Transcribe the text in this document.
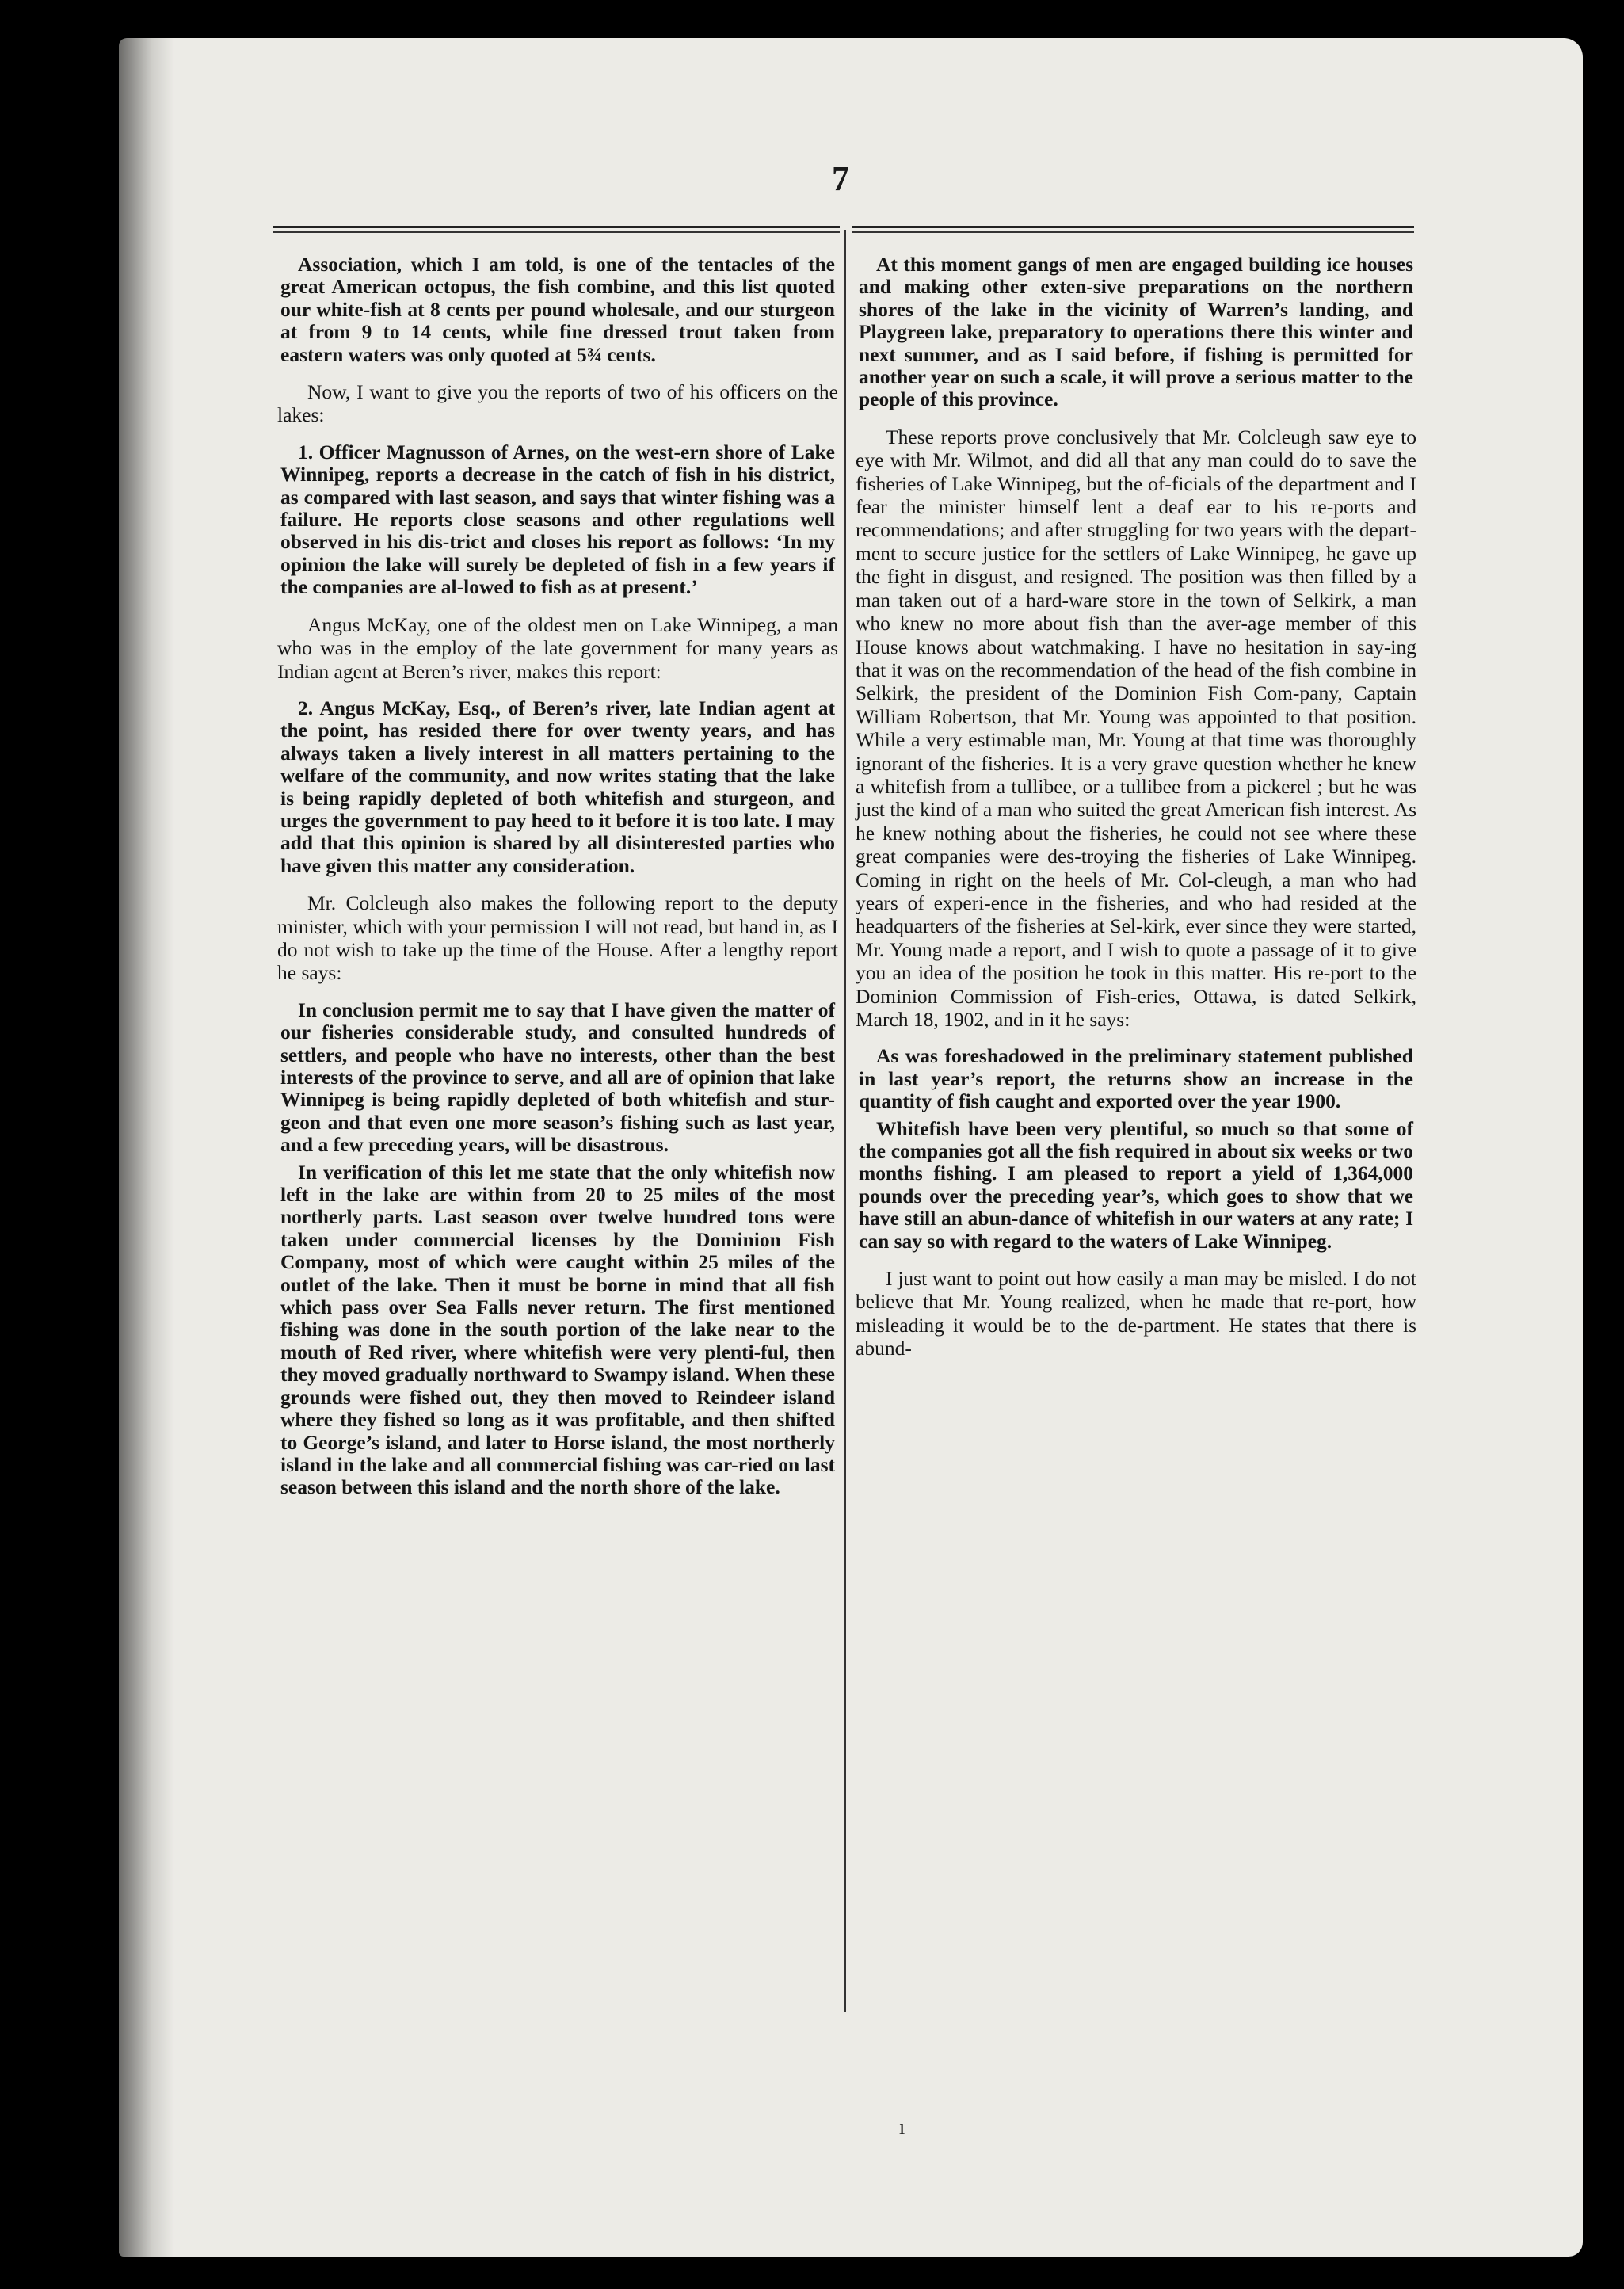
7

Association, which I am told, is one of the tentacles of the great American octopus, the fish combine, and this list quoted our white-fish at 8 cents per pound wholesale, and our sturgeon at from 9 to 14 cents, while fine dressed trout taken from eastern waters was only quoted at 5¾ cents.

Now, I want to give you the reports of two of his officers on the lakes:

1. Officer Magnusson of Arnes, on the west-ern shore of Lake Winnipeg, reports a decrease in the catch of fish in his district, as compared with last season, and says that winter fishing was a failure. He reports close seasons and other regulations well observed in his dis-trict and closes his report as follows: ‘In my opinion the lake will surely be depleted of fish in a few years if the companies are al-lowed to fish as at present.’

Angus McKay, one of the oldest men on Lake Winnipeg, a man who was in the employ of the late government for many years as Indian agent at Beren’s river, makes this report:

2. Angus McKay, Esq., of Beren’s river, late Indian agent at the point, has resided there for over twenty years, and has always taken a lively interest in all matters pertaining to the welfare of the community, and now writes stating that the lake is being rapidly depleted of both whitefish and sturgeon, and urges the government to pay heed to it before it is too late. I may add that this opinion is shared by all disinterested parties who have given this matter any consideration.

Mr. Colcleugh also makes the following report to the deputy minister, which with your permission I will not read, but hand in, as I do not wish to take up the time of the House. After a lengthy report he says:

In conclusion permit me to say that I have given the matter of our fisheries considerable study, and consulted hundreds of settlers, and people who have no interests, other than the best interests of the province to serve, and all are of opinion that lake Winnipeg is being rapidly depleted of both whitefish and stur-geon and that even one more season’s fishing such as last year, and a few preceding years, will be disastrous.

In verification of this let me state that the only whitefish now left in the lake are within from 20 to 25 miles of the most northerly parts. Last season over twelve hundred tons were taken under commercial licenses by the Dominion Fish Company, most of which were caught within 25 miles of the outlet of the lake. Then it must be borne in mind that all fish which pass over Sea Falls never return. The first mentioned fishing was done in the south portion of the lake near to the mouth of Red river, where whitefish were very plenti-ful, then they moved gradually northward to Swampy island. When these grounds were fished out, they then moved to Reindeer island where they fished so long as it was profitable, and then shifted to George’s island, and later to Horse island, the most northerly island in the lake and all commercial fishing was car-ried on last season between this island and the north shore of the lake.

At this moment gangs of men are engaged building ice houses and making other exten-sive preparations on the northern shores of the lake in the vicinity of Warren’s landing, and Playgreen lake, preparatory to operations there this winter and next summer, and as I said before, if fishing is permitted for another year on such a scale, it will prove a serious matter to the people of this province.

These reports prove conclusively that Mr. Colcleugh saw eye to eye with Mr. Wilmot, and did all that any man could do to save the fisheries of Lake Winnipeg, but the of-ficials of the department and I fear the minister himself lent a deaf ear to his re-ports and recommendations; and after struggling for two years with the depart-ment to secure justice for the settlers of Lake Winnipeg, he gave up the fight in disgust, and resigned. The position was then filled by a man taken out of a hard-ware store in the town of Selkirk, a man who knew no more about fish than the aver-age member of this House knows about watchmaking. I have no hesitation in say-ing that it was on the recommendation of the head of the fish combine in Selkirk, the president of the Dominion Fish Com-pany, Captain William Robertson, that Mr. Young was appointed to that position. While a very estimable man, Mr. Young at that time was thoroughly ignorant of the fisheries. It is a very grave question whether he knew a whitefish from a tullibee, or a tullibee from a pickerel ; but he was just the kind of a man who suited the great American fish interest. As he knew nothing about the fisheries, he could not see where these great companies were des-troying the fisheries of Lake Winnipeg. Coming in right on the heels of Mr. Col-cleugh, a man who had years of experi-ence in the fisheries, and who had resided at the headquarters of the fisheries at Sel-kirk, ever since they were started, Mr. Young made a report, and I wish to quote a passage of it to give you an idea of the position he took in this matter. His re-port to the Dominion Commission of Fish-eries, Ottawa, is dated Selkirk, March 18, 1902, and in it he says:

As was foreshadowed in the preliminary statement published in last year’s report, the returns show an increase in the quantity of fish caught and exported over the year 1900.

Whitefish have been very plentiful, so much so that some of the companies got all the fish required in about six weeks or two months fishing. I am pleased to report a yield of 1,364,000 pounds over the preceding year’s, which goes to show that we have still an abun-dance of whitefish in our waters at any rate; I can say so with regard to the waters of Lake Winnipeg.

I just want to point out how easily a man may be misled. I do not believe that Mr. Young realized, when he made that re-port, how misleading it would be to the de-partment. He states that there is abund-

ı
